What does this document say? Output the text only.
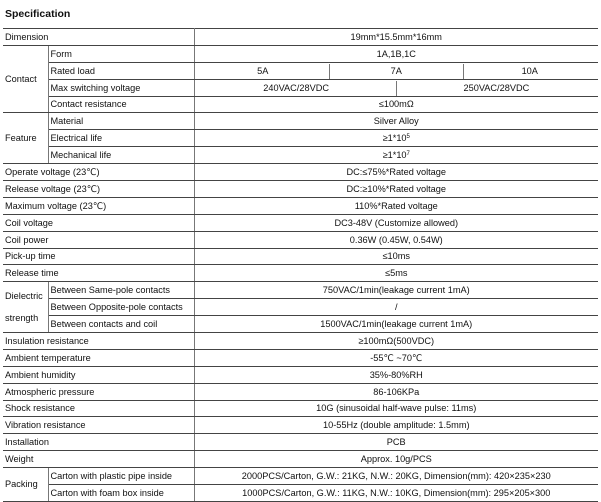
Specification
Dimension		19mm*15.5mm*16mm
Contact	Form	1A,1B,1C
	Rated load	5A 7A 10A

	Max switching voltage	240VAC/28VDC 250VAC/28VDC

	Contact resistance	≤100mΩ
Feature	Material	Silver Alloy
	Electrical life	$\ge 1*10^5$
	Mechanical life	$\ge 1*10^7$
Operate voltage (23℃)		DC:≤75%*Rated voltage
Release voltage (23℃)		DC:≥10%*Rated voltage
Maximum voltage (23℃)		110%*Rated voltage
Coil voltage		DC3-48V (Customize allowed)
Coil power		0.36W (0.45W, 0.54W)
Pick-up time		≤10ms
Release time		≤5ms

Dielectric
strength	Between Same-pole contacts	750VAC/1min(leakage current 1mA)
	Between Opposite-pole contacts	/
	Between contacts and coil	1500VAC/1min(leakage current 1mA)
Insulation resistance		≥100mΩ(500VDC)
Ambient temperature		-55℃ ~70℃
Ambient humidity		35%-80%RH
Atmospheric pressure		86-106KPa
Shock resistance		10G (sinusoidal half-wave pulse: 11ms)
Vibration resistance		10-55Hz (double amplitude: 1.5mm)
Installation		PCB
Weight		Approx. 10g/PCS
Packing	Carton with plastic pipe inside	2000PCS/Carton, G.W.: 21KG, N.W.: 20KG, Dimension(mm): 420×235×230
	Carton with foam box inside	1000PCS/Carton, G.W.: 11KG, N.W.: 10KG, Dimension(mm): 295×205×300
